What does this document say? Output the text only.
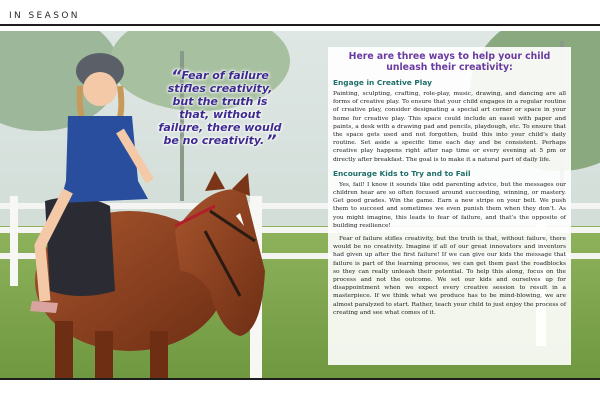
IN SEASON
“Fear of failure stifles creativity, but the truth is that, without failure, there would be no creativity. ”
Here are three ways to help your child unleash their creativity:
Engage in Creative Play

Painting, sculpting, crafting, role-play, music, drawing, and dancing are all forms of creative play. To ensure that your child engages in a regular routine of creative play, consider designating a special art corner or space in your home for creative play. This space could include an easel with paper and paints, a desk with a drawing pad and pencils, playdough, etc. To ensure that the space gets used and not forgotten, build this into your child’s daily routine. Set aside a specific time each day and be consistent. Perhaps creative play happens right after nap time or every evening at 5 pm or directly after breakfast. The goal is to make it a natural part of daily life.

Encourage Kids to Try and to Fail

Yes, fail! I know it sounds like odd parenting advice, but the messages our children hear are so often focused around succeeding, winning, or mastery. Get good grades. Win the game. Earn a new stripe on your belt. We push them to succeed and sometimes we even punish them when they don’t. As you might imagine, this leads to fear of failure, and that’s the opposite of building resilience!

Fear of failure stifles creativity, but the truth is that, without failure, there would be no creativity. Imagine if all of our great innovators and inventors had given up after the first failure! If we can give our kids the message that failure is part of the learning process, we can get them past the roadblocks so they can really unleash their potential. To help this along, focus on the process and not the outcome. We set our kids and ourselves up for disappointment when we expect every creative session to result in a masterpiece. If we think what we produce has to be mind-blowing, we are almost paralyzed to start. Rather, teach your child to just enjoy the process of creating and see what comes of it.
